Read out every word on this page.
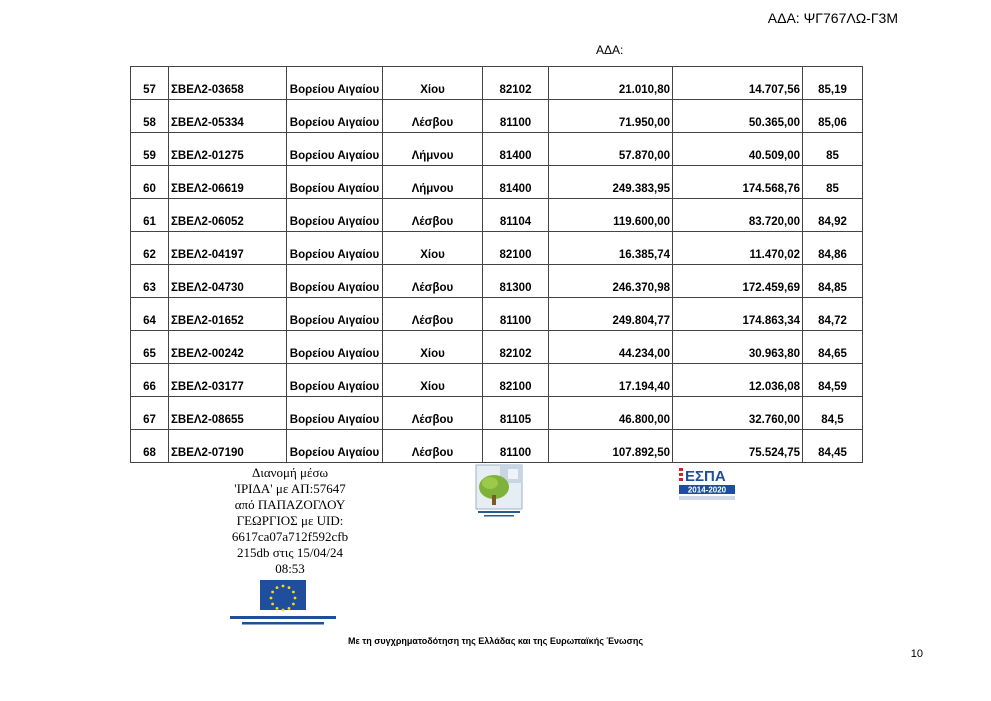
ΑΔΑ: ΨΓ767ΛΩ-Γ3Μ
ΑΔΑ:
57	ΣΒΕΛ2-03658	Βορείου Αιγαίου	Χίου	82102	21.010,80	14.707,56	85,19
58	ΣΒΕΛ2-05334	Βορείου Αιγαίου	Λέσβου	81100	71.950,00	50.365,00	85,06
59	ΣΒΕΛ2-01275	Βορείου Αιγαίου	Λήμνου	81400	57.870,00	40.509,00	85
60	ΣΒΕΛ2-06619	Βορείου Αιγαίου	Λήμνου	81400	249.383,95	174.568,76	85
61	ΣΒΕΛ2-06052	Βορείου Αιγαίου	Λέσβου	81104	119.600,00	83.720,00	84,92
62	ΣΒΕΛ2-04197	Βορείου Αιγαίου	Χίου	82100	16.385,74	11.470,02	84,86
63	ΣΒΕΛ2-04730	Βορείου Αιγαίου	Λέσβου	81300	246.370,98	172.459,69	84,85
64	ΣΒΕΛ2-01652	Βορείου Αιγαίου	Λέσβου	81100	249.804,77	174.863,34	84,72
65	ΣΒΕΛ2-00242	Βορείου Αιγαίου	Χίου	82102	44.234,00	30.963,80	84,65
66	ΣΒΕΛ2-03177	Βορείου Αιγαίου	Χίου	82100	17.194,40	12.036,08	84,59
67	ΣΒΕΛ2-08655	Βορείου Αιγαίου	Λέσβου	81105	46.800,00	32.760,00	84,5
68	ΣΒΕΛ2-07190	Βορείου Αιγαίου	Λέσβου	81100	107.892,50	75.524,75	84,45
Διανομή μέσω
'ΙΡΙΔΑ' με ΑΠ:57647
από ΠΑΠΑΖΟΓΛΟΥ
ΓΕΩΡΓΙΟΣ με UID:
6617ca07a712f592cfb
215db στις 15/04/24
08:53
ΕΣΠΑ
2014-2020
Με τη συγχρηματοδότηση της Ελλάδας και της Ευρωπαϊκής Ένωσης
10
